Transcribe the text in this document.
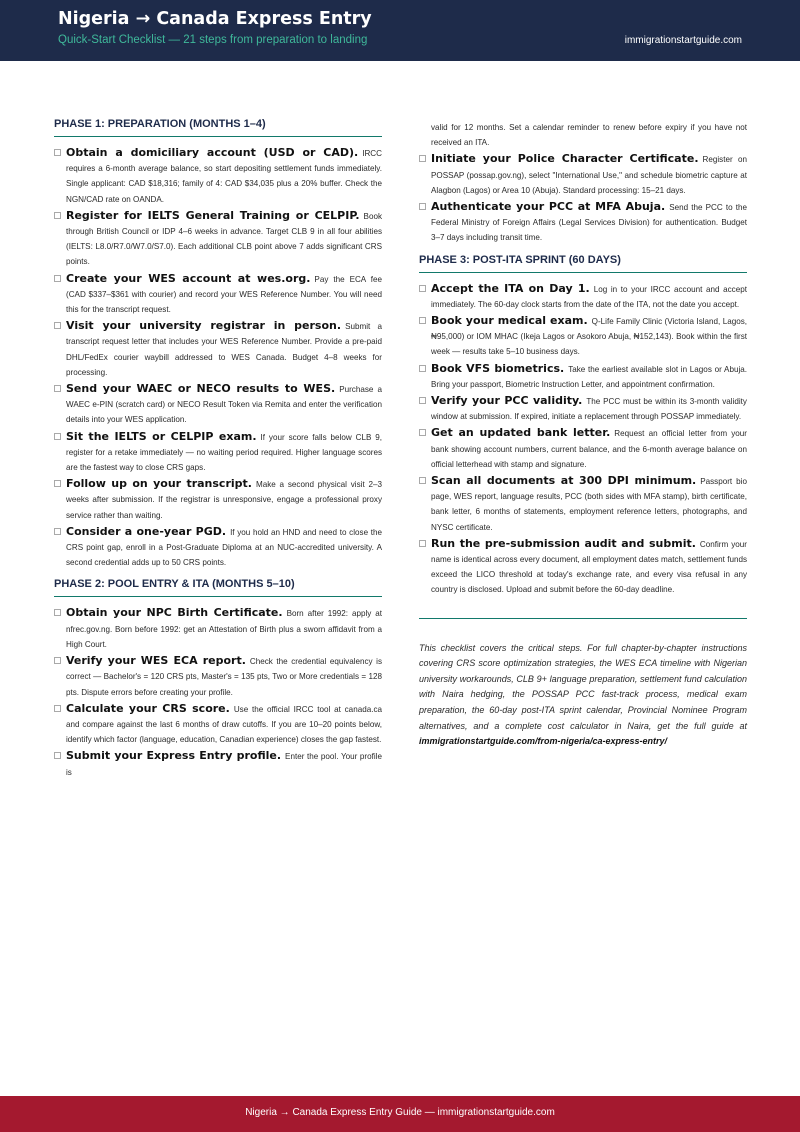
Nigeria → Canada Express Entry
Quick-Start Checklist — 21 steps from preparation to landing	immigrationstartguide.com
PHASE 1: PREPARATION (MONTHS 1–4)
Obtain a domiciliary account (USD or CAD). IRCC requires a 6-month average balance, so start depositing settlement funds immediately. Single applicant: CAD $18,316; family of 4: CAD $34,035 plus a 20% buffer. Check the NGN/CAD rate on OANDA.
Register for IELTS General Training or CELPIP. Book through British Council or IDP 4–6 weeks in advance. Target CLB 9 in all four abilities (IELTS: L8.0/R7.0/W7.0/S7.0). Each additional CLB point above 7 adds significant CRS points.
Create your WES account at wes.org. Pay the ECA fee (CAD $337–$361 with courier) and record your WES Reference Number. You will need this for the transcript request.
Visit your university registrar in person. Submit a transcript request letter that includes your WES Reference Number. Provide a pre-paid DHL/FedEx courier waybill addressed to WES Canada. Budget 4–8 weeks for processing.
Send your WAEC or NECO results to WES. Purchase a WAEC e-PIN (scratch card) or NECO Result Token via Remita and enter the verification details into your WES application.
Sit the IELTS or CELPIP exam. If your score falls below CLB 9, register for a retake immediately — no waiting period required. Higher language scores are the fastest way to close CRS gaps.
Follow up on your transcript. Make a second physical visit 2–3 weeks after submission. If the registrar is unresponsive, engage a professional proxy service rather than waiting.
Consider a one-year PGD. If you hold an HND and need to close the CRS point gap, enroll in a Post-Graduate Diploma at an NUC-accredited university. A second credential adds up to 50 CRS points.
PHASE 2: POOL ENTRY & ITA (MONTHS 5–10)
Obtain your NPC Birth Certificate. Born after 1992: apply at nfrec.gov.ng. Born before 1992: get an Attestation of Birth plus a sworn affidavit from a High Court.
Verify your WES ECA report. Check the credential equivalency is correct — Bachelor's = 120 CRS pts, Master's = 135 pts, Two or More credentials = 128 pts. Dispute errors before creating your profile.
Calculate your CRS score. Use the official IRCC tool at canada.ca and compare against the last 6 months of draw cutoffs. If you are 10–20 points below, identify which factor (language, education, Canadian experience) closes the gap fastest.
Submit your Express Entry profile. Enter the pool. Your profile is
valid for 12 months. Set a calendar reminder to renew before expiry if you have not received an ITA.
Initiate your Police Character Certificate. Register on POSSAP (possap.gov.ng), select "International Use," and schedule biometric capture at Alagbon (Lagos) or Area 10 (Abuja). Standard processing: 15–21 days.
Authenticate your PCC at MFA Abuja. Send the PCC to the Federal Ministry of Foreign Affairs (Legal Services Division) for authentication. Budget 3–7 days including transit time.
PHASE 3: POST-ITA SPRINT (60 DAYS)
Accept the ITA on Day 1. Log in to your IRCC account and accept immediately. The 60-day clock starts from the date of the ITA, not the date you accept.
Book your medical exam. Q-Life Family Clinic (Victoria Island, Lagos, ₦95,000) or IOM MHAC (Ikeja Lagos or Asokoro Abuja, ₦152,143). Book within the first week — results take 5–10 business days.
Book VFS biometrics. Take the earliest available slot in Lagos or Abuja. Bring your passport, Biometric Instruction Letter, and appointment confirmation.
Verify your PCC validity. The PCC must be within its 3-month validity window at submission. If expired, initiate a replacement through POSSAP immediately.
Get an updated bank letter. Request an official letter from your bank showing account numbers, current balance, and the 6-month average balance on official letterhead with stamp and signature.
Scan all documents at 300 DPI minimum. Passport bio page, WES report, language results, PCC (both sides with MFA stamp), birth certificate, bank letter, 6 months of statements, employment reference letters, photographs, and NYSC certificate.
Run the pre-submission audit and submit. Confirm your name is identical across every document, all employment dates match, settlement funds exceed the LICO threshold at today's exchange rate, and every visa refusal in any country is disclosed. Upload and submit before the 60-day deadline.
This checklist covers the critical steps. For full chapter-by-chapter instructions covering CRS score optimization strategies, the WES ECA timeline with Nigerian university workarounds, CLB 9+ language preparation, settlement fund calculation with Naira hedging, the POSSAP PCC fast-track process, medical exam preparation, the 60-day post-ITA sprint calendar, Provincial Nominee Program alternatives, and a complete cost calculator in Naira, get the full guide at immigrationstartguide.com/from-nigeria/ca-express-entry/
Nigeria → Canada Express Entry Guide — immigrationstartguide.com
